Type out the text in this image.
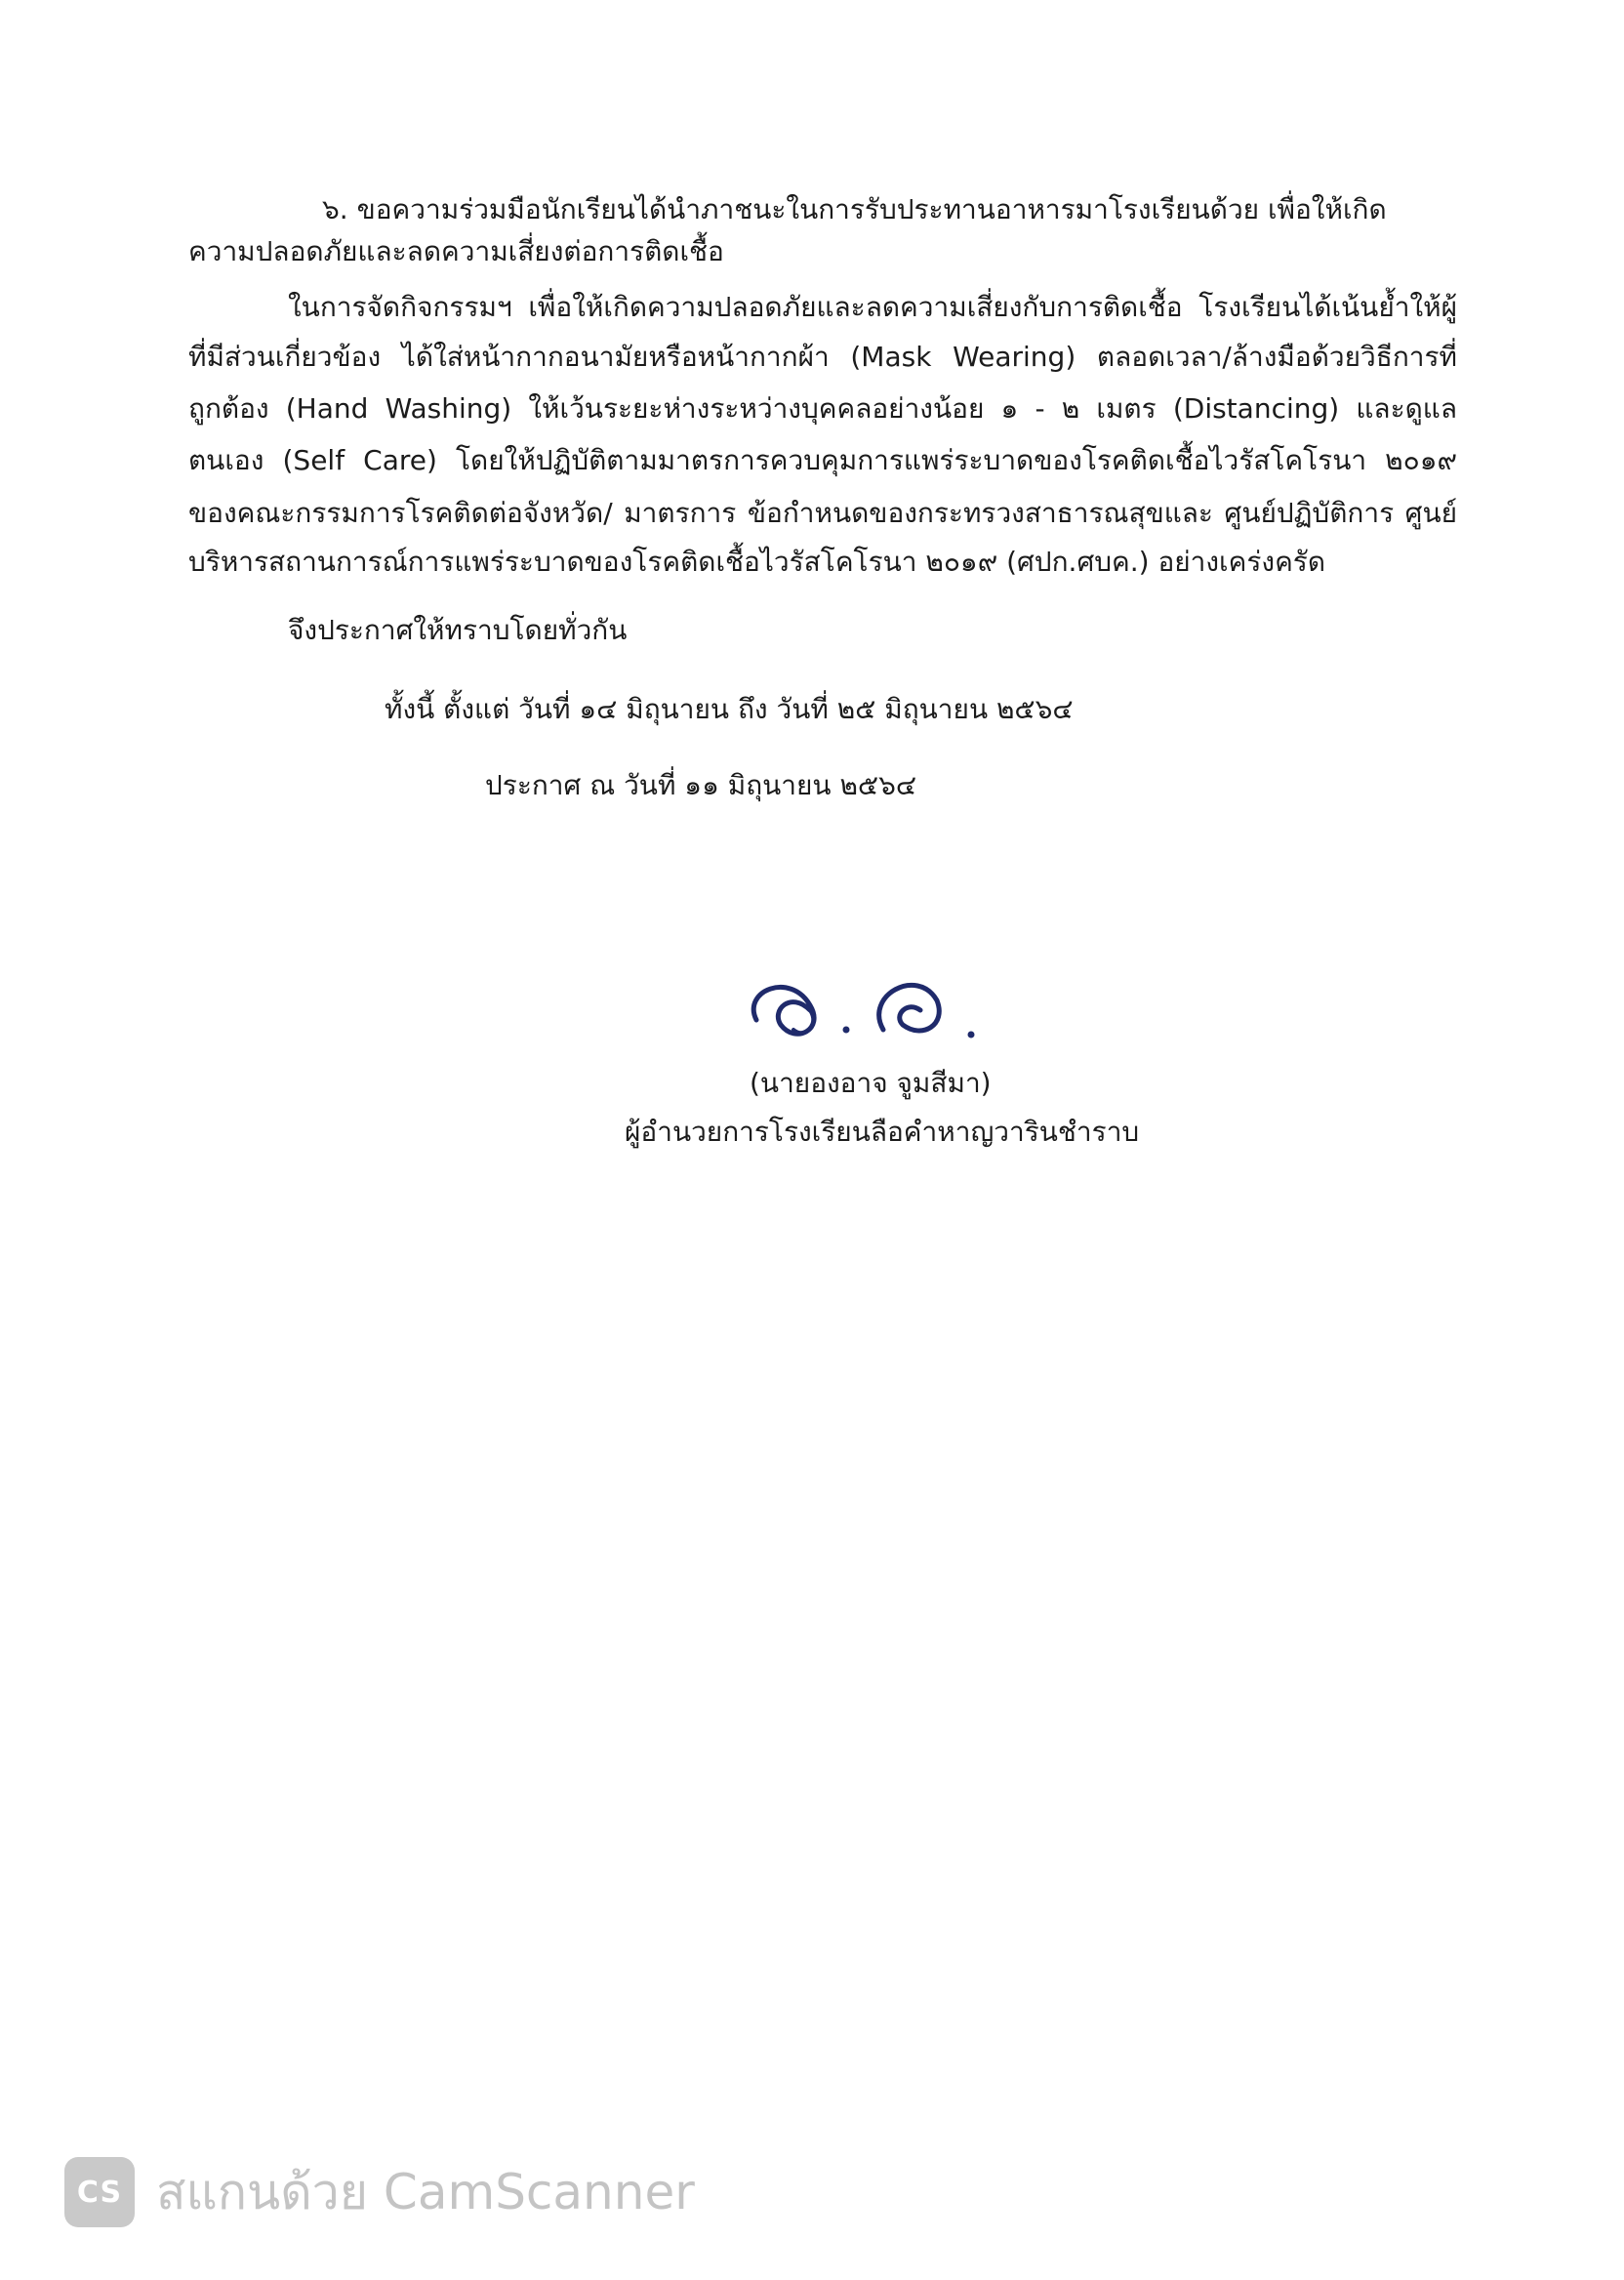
๖. ขอความร่วมมือนักเรียนได้นำภาชนะในการรับประทานอาหารมาโรงเรียนด้วย เพื่อให้เกิด
ความปลอดภัยและลดความเสี่ยงต่อการติดเชื้อ
ในการจัดกิจกรรมฯ เพื่อให้เกิดความปลอดภัยและลดความเสี่ยงกับการติดเชื้อ โรงเรียนได้เน้นย้ำให้ผู้
ที่มีส่วนเกี่ยวข้อง ได้ใส่หน้ากากอนามัยหรือหน้ากากผ้า (Mask Wearing) ตลอดเวลา/ล้างมือด้วยวิธีการที่
ถูกต้อง (Hand Washing) ให้เว้นระยะห่างระหว่างบุคคลอย่างน้อย ๑ - ๒ เมตร (Distancing) และดูแล
ตนเอง (Self Care) โดยให้ปฏิบัติตามมาตรการควบคุมการแพร่ระบาดของโรคติดเชื้อไวรัสโคโรนา ๒๐๑๙
ของคณะกรรมการโรคติดต่อจังหวัด/ มาตรการ ข้อกำหนดของกระทรวงสาธารณสุขและ ศูนย์ปฏิบัติการ ศูนย์
บริหารสถานการณ์การแพร่ระบาดของโรคติดเชื้อไวรัสโคโรนา ๒๐๑๙ (ศปก.ศบค.) อย่างเคร่งครัด
จึงประกาศให้ทราบโดยทั่วกัน
ทั้งนี้ ตั้งแต่ วันที่ ๑๔ มิถุนายน ถึง วันที่ ๒๕ มิถุนายน ๒๕๖๔
ประกาศ ณ วันที่ ๑๑ มิถุนายน ๒๕๖๔
(นายองอาจ จูมสีมา)
ผู้อำนวยการโรงเรียนลือคำหาญวารินชำราบ
CS สแกนด้วย CamScanner
